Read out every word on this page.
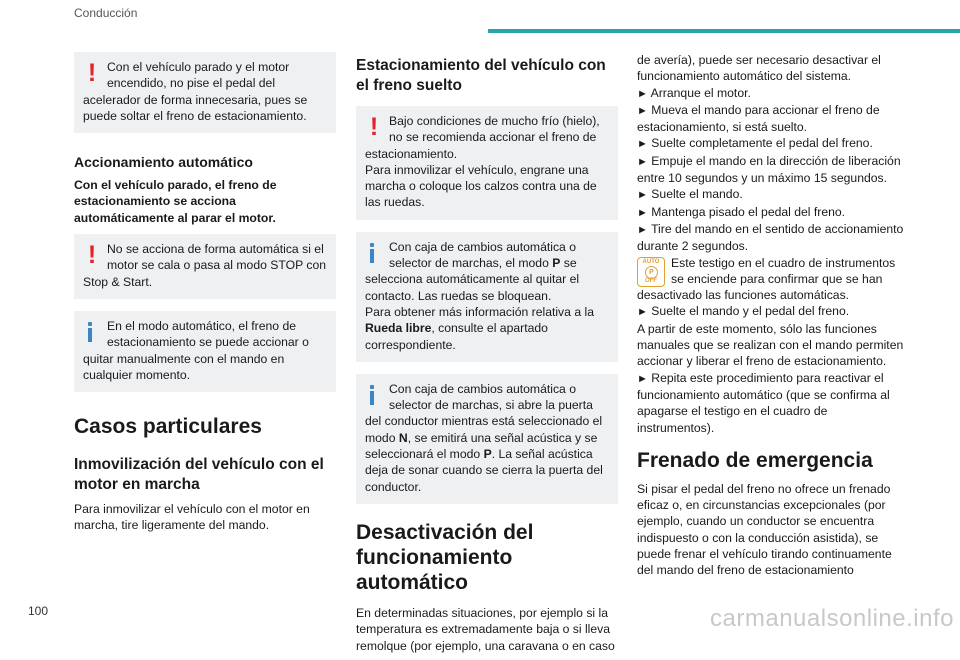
Conducción
! Con el vehículo parado y el motor encendido, no pise el pedal del acelerador de forma innecesaria, pues se puede soltar el freno de estacionamiento.

Accionamiento automático

Con el vehículo parado, el freno de estacionamiento se acciona automáticamente al parar el motor.

! No se acciona de forma automática si el motor se cala o pasa al modo STOP con Stop & Start.

En el modo automático, el freno de estacionamiento se puede accionar o quitar manualmente con el mando en cualquier momento.

Casos particulares
Inmovilización del vehículo con el motor en marcha

Para inmovilizar el vehículo con el motor en marcha, tire ligeramente del mando.

Estacionamiento del vehículo con el freno suelto
! Bajo condiciones de mucho frío (hielo), no se recomienda accionar el freno de estacionamiento.
Para inmovilizar el vehículo, engrane una marcha o coloque los calzos contra una de las ruedas.

Con caja de cambios automática o selector de marchas, el modo P se selecciona automáticamente al quitar el contacto. Las ruedas se bloquean.
Para obtener más información relativa a la Rueda libre, consulte el apartado correspondiente.

Con caja de cambios automática o selector de marchas, si abre la puerta del conductor mientras está seleccionado el modo N, se emitirá una señal acústica y se seleccionará el modo P. La señal acústica deja de sonar cuando se cierra la puerta del conductor.

Desactivación del funcionamiento automático

En determinadas situaciones, por ejemplo si la temperatura es extremadamente baja o si lleva remolque (por ejemplo, una caravana o en caso

de avería), puede ser necesario desactivar el funcionamiento automático del sistema.

► Arranque el motor.
► Mueva el mando para accionar el freno de estacionamiento, si está suelto.
► Suelte completamente el pedal del freno.
► Empuje el mando en la dirección de liberación entre 10 segundos y un máximo 15 segundos.
► Suelte el mando.
► Mantenga pisado el pedal del freno.
► Tire del mando en el sentido de accionamiento durante 2 segundos.
AUTO
P
OFF
Este testigo en el cuadro de instrumentos se enciende para confirmar que se han desactivado las funciones automáticas.
► Suelte el mando y el pedal del freno.

A partir de este momento, sólo las funciones manuales que se realizan con el mando permiten accionar y liberar el freno de estacionamiento.

► Repita este procedimiento para reactivar el funcionamiento automático (que se confirma al apagarse el testigo en el cuadro de instrumentos).
Frenado de emergencia

Si pisar el pedal del freno no ofrece un frenado eficaz o, en circunstancias excepcionales (por ejemplo, cuando un conductor se encuentra indispuesto o con la conducción asistida), se puede frenar el vehículo tirando continuamente del mando del freno de estacionamiento

100	carmanualsonline.info
